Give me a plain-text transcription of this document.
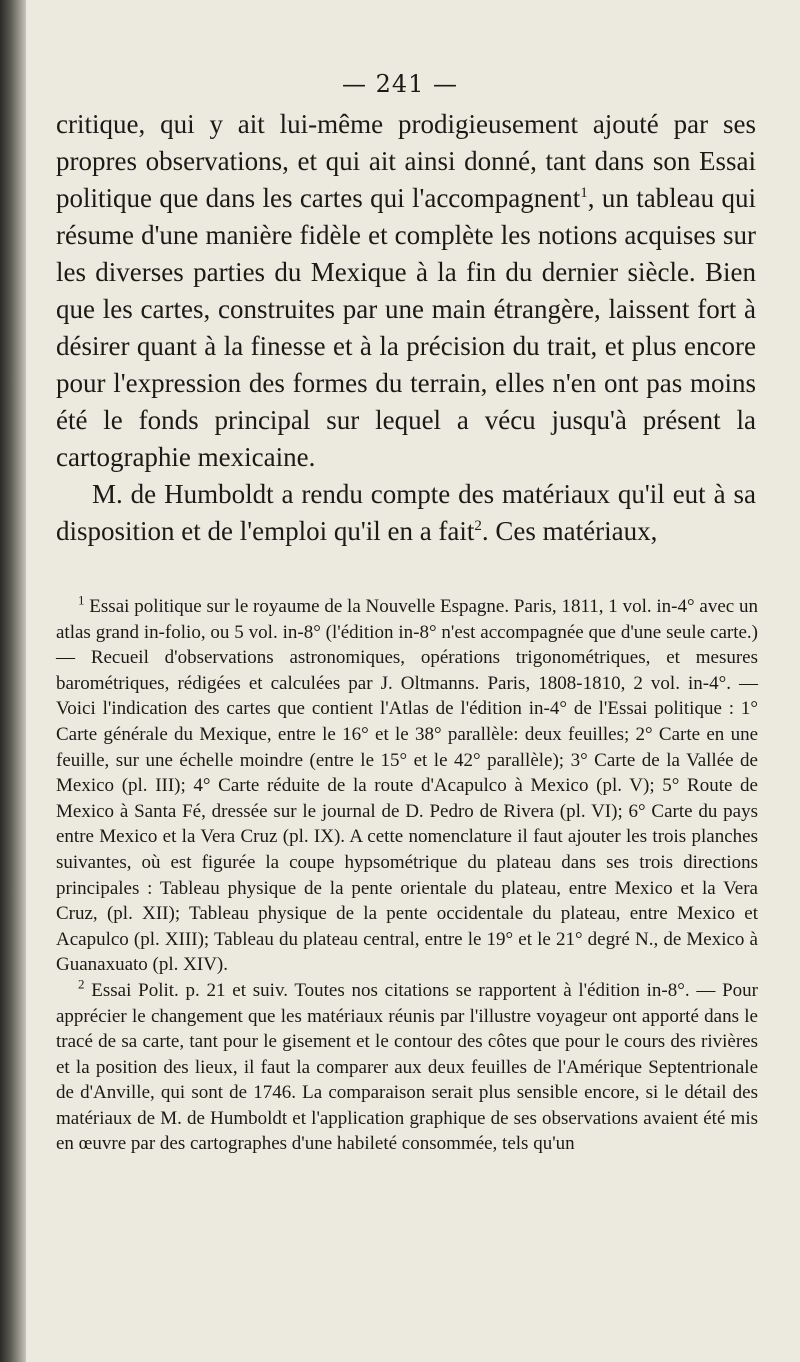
— 241 —

critique, qui y ait lui-même prodigieusement ajouté par ses propres observations, et qui ait ainsi donné, tant dans son Essai politique que dans les cartes qui l'accompagnent$^1$, un tableau qui résume d'une manière fidèle et complète les notions acquises sur les diverses parties du Mexique à la fin du dernier siècle. Bien que les cartes, construites par une main étrangère, laissent fort à désirer quant à la finesse et à la précision du trait, et plus encore pour l'expression des formes du terrain, elles n'en ont pas moins été le fonds principal sur lequel a vécu jusqu'à présent la cartographie mexicaine.

M. de Humboldt a rendu compte des matériaux qu'il eut à sa disposition et de l'emploi qu'il en a fait$^2$. Ces matériaux,

$^1$ Essai politique sur le royaume de la Nouvelle Espagne. Paris, 1811, 1 vol. in-4° avec un atlas grand in-folio, ou 5 vol. in-8° (l'édition in-8° n'est accompagnée que d'une seule carte.) — Recueil d'observations astronomiques, opérations trigonométriques, et mesures barométriques, rédigées et calculées par J. Oltmanns. Paris, 1808-1810, 2 vol. in-4°. — Voici l'indication des cartes que contient l'Atlas de l'édition in-4° de l'Essai politique : 1° Carte générale du Mexique, entre le 16° et le 38° parallèle: deux feuilles; 2° Carte en une feuille, sur une échelle moindre (entre le 15° et le 42° parallèle); 3° Carte de la Vallée de Mexico (pl. III); 4° Carte réduite de la route d'Acapulco à Mexico (pl. V); 5° Route de Mexico à Santa Fé, dressée sur le journal de D. Pedro de Rivera (pl. VI); 6° Carte du pays entre Mexico et la Vera Cruz (pl. IX). A cette nomenclature il faut ajouter les trois planches suivantes, où est figurée la coupe hypsométrique du plateau dans ses trois directions principales : Tableau physique de la pente orientale du plateau, entre Mexico et la Vera Cruz, (pl. XII); Tableau physique de la pente occidentale du plateau, entre Mexico et Acapulco (pl. XIII); Tableau du plateau central, entre le 19° et le 21° degré N., de Mexico à Guanaxuato (pl. XIV).

$^2$ Essai Polit. p. 21 et suiv. Toutes nos citations se rapportent à l'édition in-8°. — Pour apprécier le changement que les matériaux réunis par l'illustre voyageur ont apporté dans le tracé de sa carte, tant pour le gisement et le contour des côtes que pour le cours des rivières et la position des lieux, il faut la comparer aux deux feuilles de l'Amérique Septentrionale de d'Anville, qui sont de 1746. La comparaison serait plus sensible encore, si le détail des matériaux de M. de Humboldt et l'application graphique de ses observations avaient été mis en œuvre par des cartographes d'une habileté consommée, tels qu'un
